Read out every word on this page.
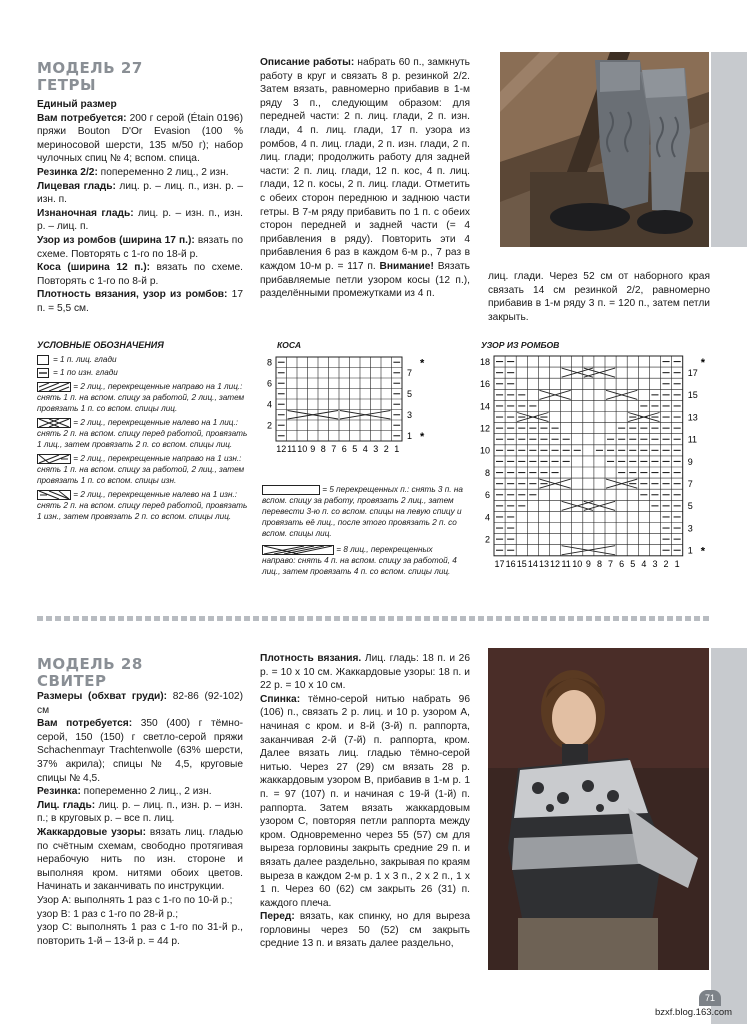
МОДЕЛЬ 27
ГЕТРЫ

Единый размер

Вам потребуется: 200 г серой (Étain 0196) пряжи Bouton D'Or Evasion (100 % мериносовой шерсти, 135 м/50 г); набор чулочных спиц № 4; вспом. спица.

Резинка 2/2: попеременно 2 лиц., 2 изн.

Лицевая гладь: лиц. р. – лиц. п., изн. р. – изн. п.

Изнаночная гладь: лиц. р. – изн. п., изн. р. – лиц. п.

Узор из ромбов (ширина 17 п.): вязать по схеме. Повторять с 1-го по 18-й р.

Коса (ширина 12 п.): вязать по схеме. Повторять с 1-го по 8-й р.

Плотность вязания, узор из ромбов: 17 п. = 5,5 см.

Описание работы: набрать 60 п., замкнуть работу в круг и связать 8 р. резинкой 2/2. Затем вязать, равномерно прибавив в 1-м ряду 3 п., следующим образом: для передней части: 2 п. лиц. глади, 2 п. изн. глади, 4 п. лиц. глади, 17 п. узора из ромбов, 4 п. лиц. глади, 2 п. изн. глади, 2 п. лиц. глади; продолжить работу для задней части: 2 п. лиц. глади, 12 п. кос, 4 п. лиц. глади, 12 п. косы, 2 п. лиц. глади. Отметить с обеих сторон переднюю и заднюю части гетры. В 7-м ряду прибавить по 1 п. с обеих сторон передней и задней части (= 4 прибавления в ряду). Повторить эти 4 прибавления 6 раз в каждом 6-м р., 7 раз в каждом 10-м р. = 117 п. Внимание! Вязать прибавляемые петли узором косы (12 п.), разделёнными промежутками из 4 п.

лиц. глади. Через 52 см от наборного края связать 14 см резинкой 2/2, равномерно прибавив в 1-м ряду 3 п. = 120 п., затем петли закрыть.

УСЛОВНЫЕ ОБОЗНАЧЕНИЯ
= 1 п. лиц. глади
= 1 по изн. глади
= 2 лиц., перекрещенные направо на 1 лиц.: снять 1 п. на вспом. спицу за работой, 2 лиц., затем провязать 1 п. со вспом. спицы лиц.
= 2 лиц., перекрещенные налево на 1 лиц.: снять 2 п. на вспом. спицу перед работой, провязать 1 лиц., затем провязать 2 п. со вспом. спицы лиц.
= 2 лиц., перекрещенные направо на 1 изн.: снять 1 п. на вспом. спицу за работой, 2 лиц., затем провязать 1 п. со вспом. спицы изн.
= 2 лиц., перекрещенные налево на 1 изн.: снять 2 п. на вспом. спицу перед работой, провязать 1 изн., затем провязать 2 п. со вспом. спицы лиц.
КОСА
12 11 10 9 8 7 6 5 4 3 2 1
8
6
4
2
7
5
3
1
*
*
= 5 перекрещенных п.: снять 3 п. на вспом. спицу за работу, провязать 2 лиц., затем перевести 3-ю п. со вспом. спицы на левую спицу и провязать её лиц., после этого провязать 2 п. со вспом. спицы лиц.
= 8 лиц., перекрещенных направо: снять 4 п. на вспом. спицу за работой, 4 лиц., затем провязать 4 п. со вспом. спицы лиц.
УЗОР ИЗ РОМБОВ
17 16 15 14 13 12 11 10 9 8 7 6 5 4 3 2 1
18
16
14
12
10
8
6
4
2
17
15
13
11
9
7
5
3
1
*
*
МОДЕЛЬ 28
СВИТЕР

Размеры (обхват груди): 82-86 (92-102) см

Вам потребуется: 350 (400) г тёмно-серой, 150 (150) г светло-серой пряжи Schachenmayr Trachtenwolle (63% шерсти, 37% акрила); спицы № 4,5, круговые спицы № 4,5.

Резинка: попеременно 2 лиц., 2 изн.

Лиц. гладь: лиц. р. – лиц. п., изн. р. – изн. п.; в круговых р. – все п. лиц.

Жаккардовые узоры: вязать лиц. гладью по счётным схемам, свободно протягивая нерабочую нить по изн. стороне и выполняя кром. нитями обоих цветов. Начинать и заканчивать по инструкции.

Узор A: выполнять 1 раз с 1-го по 10-й р.;

узор B: 1 раз с 1-го по 28-й р.;

узор C: выполнять 1 раз с 1-го по 31-й р., повторить 1-й – 13-й р. = 44 р.

Плотность вязания. Лиц. гладь: 18 п. и 26 р. = 10 х 10 см. Жаккардовые узоры: 18 п. и 22 р. = 10 х 10 см.

Спинка: тёмно-серой нитью набрать 96 (106) п., связать 2 р. лиц. и 10 р. узором A, начиная с кром. и 8-й (3-й) п. раппорта, заканчивая 2-й (7-й) п. раппорта, кром. Далее вязать лиц. гладью тёмно-серой нитью. Через 27 (29) см вязать 28 р. жаккардовым узором B, прибавив в 1-м р. 1 п. = 97 (107) п. и начиная с 19-й (1-й) п. раппорта. Затем вязать жаккардовым узором C, повторяя петли раппорта между кром. Одновременно через 55 (57) см для выреза горловины закрыть средние 29 п. и вязать далее раздельно, закрывая по краям выреза в каждом 2-м р. 1 х 3 п., 2 х 2 п., 1 х 1 п. Через 60 (62) см закрыть 26 (31) п. каждого плеча.

Перед: вязать, как спинку, но для выреза горловины через 50 (52) см закрыть средние 13 п. и вязать далее раздельно,

71
bzxf.blog.163.com
